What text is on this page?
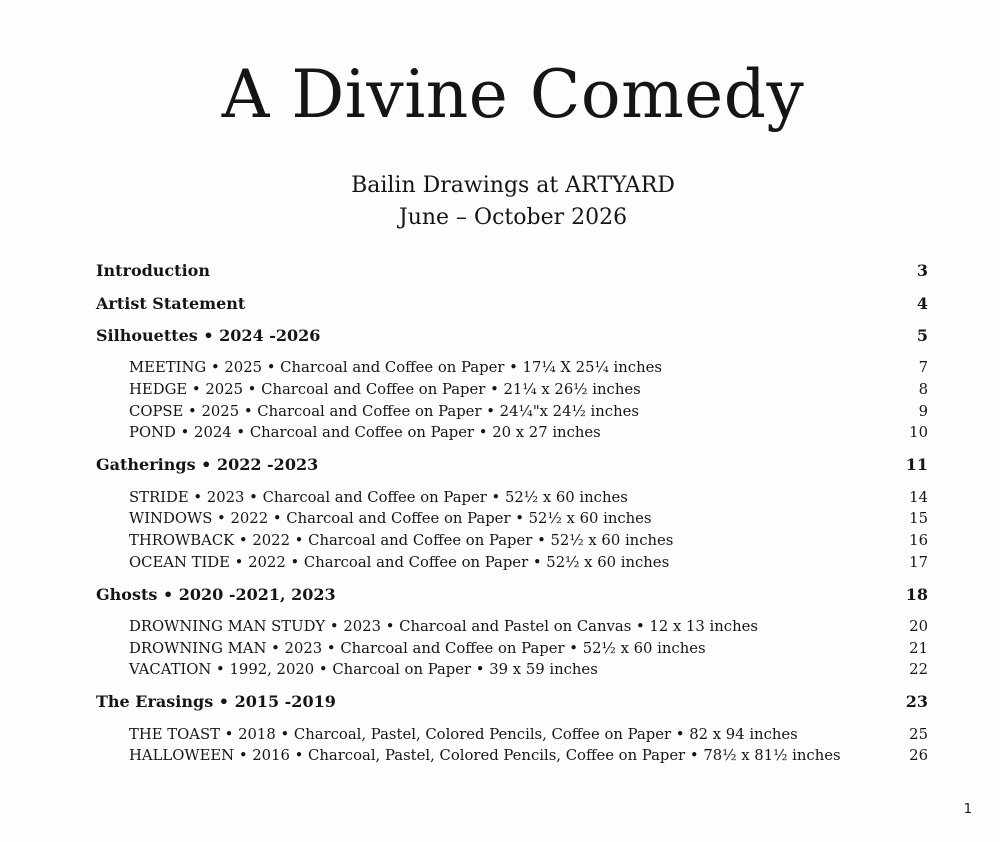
A Divine Comedy
Bailin Drawings at ARTYARD
June – October 2026
Introduction	3
Artist Statement	4
Silhouettes • 2024 -2026	5
MEETING • 2025 • Charcoal and Coffee on Paper • 17¼ X 25¼ inches	7
HEDGE • 2025 • Charcoal and Coffee on Paper • 21¼ x 26½ inches	8
COPSE • 2025 • Charcoal and Coffee on Paper • 24¼"x 24½ inches	9
POND • 2024 • Charcoal and Coffee on Paper • 20 x 27 inches	10
Gatherings • 2022 -2023	11
STRIDE • 2023 • Charcoal and Coffee on Paper • 52½ x 60 inches	14
WINDOWS • 2022 • Charcoal and Coffee on Paper • 52½ x 60 inches	15
THROWBACK • 2022 • Charcoal and Coffee on Paper • 52½ x 60 inches	16
OCEAN TIDE • 2022 • Charcoal and Coffee on Paper • 52½ x 60 inches	17
Ghosts • 2020 -2021, 2023	18
DROWNING MAN STUDY • 2023 • Charcoal and Pastel on Canvas • 12 x 13 inches	20
DROWNING MAN • 2023 • Charcoal and Coffee on Paper • 52½ x 60 inches	21
VACATION • 1992, 2020 • Charcoal on Paper • 39 x 59 inches	22
The Erasings • 2015 -2019	23
THE TOAST • 2018 • Charcoal, Pastel, Colored Pencils, Coffee on Paper • 82 x 94 inches	25
HALLOWEEN • 2016 • Charcoal, Pastel, Colored Pencils, Coffee on Paper • 78½ x 81½ inches	26
1
